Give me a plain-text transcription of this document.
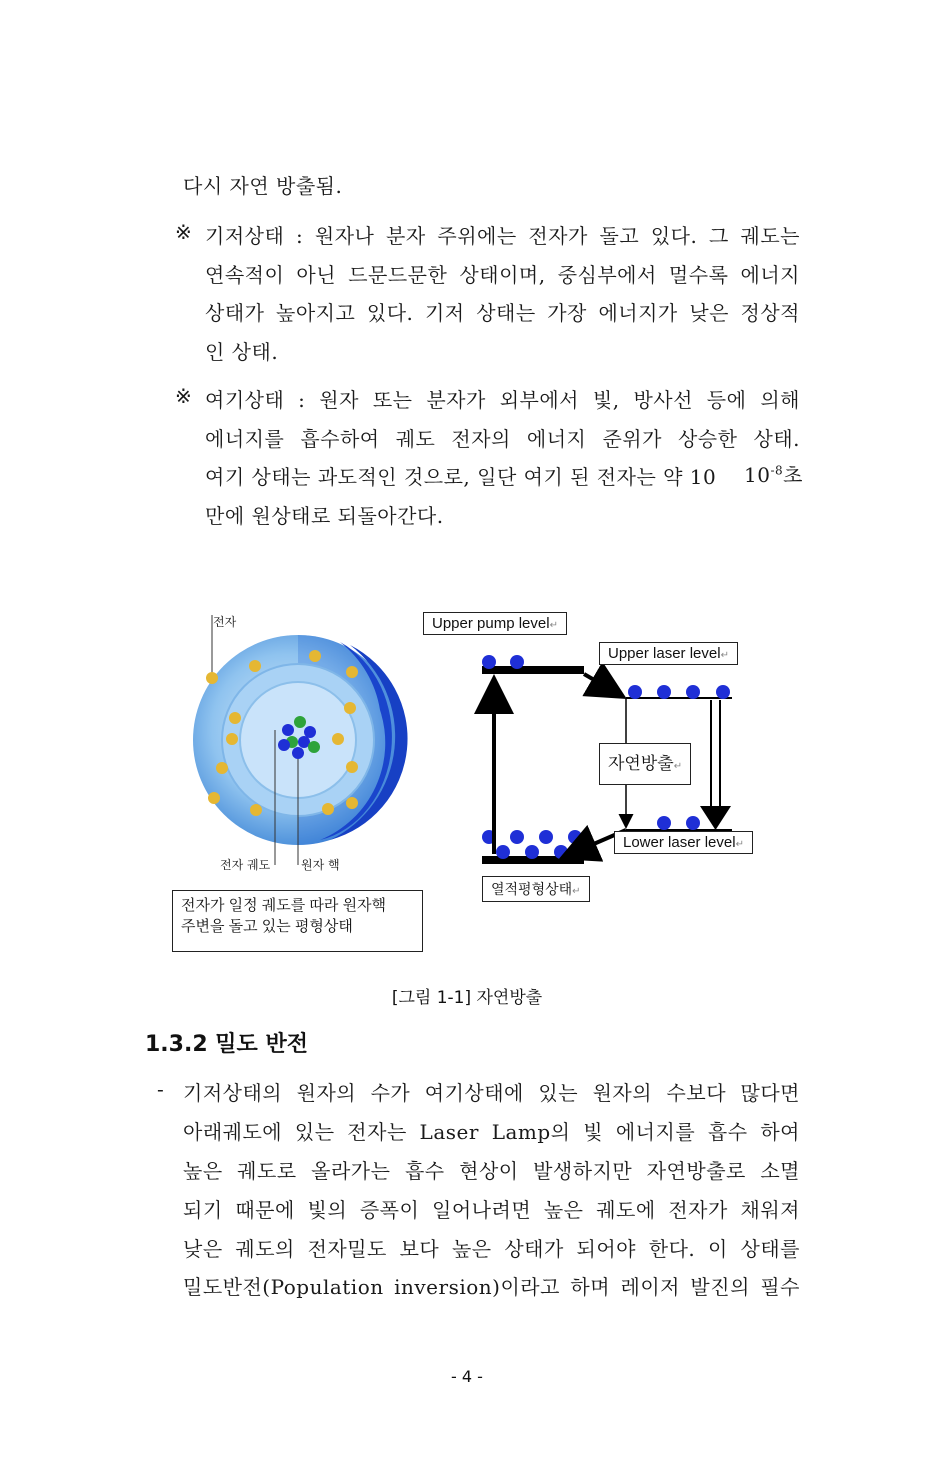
다시 자연 방출됨.
※ 기저상태 : 원자나 분자 주위에는 전자가 돌고 있다. 그 궤도는
연속적이 아닌 드문드문한 상태이며, 중심부에서 멀수록 에너지
상태가 높아지고 있다. 기저 상태는 가장 에너지가 낮은 정상적
인 상태.
※ 여기상태 : 원자 또는 분자가 외부에서 빛, 방사선 등에 의해
에너지를 흡수하여 궤도 전자의 에너지 준위가 상승한 상태.
여기 상태는 과도적인 것으로, 일단 여기 된 전자는 약 10 $10^{-8}$초
만에 원상태로 되돌아간다.
전자
전자 궤도	원자 핵
전자가 일정 궤도를 따라 원자핵
주변을 돌고 있는 평형상태
Upper pump level↵
Upper laser level↵
자연방출↵
Lower laser level↵
열적평형상태↵
[그림 1-1] 자연방출
1.3.2 밀도 반전
- 기저상태의 원자의 수가 여기상태에 있는 원자의 수보다 많다면
아래궤도에 있는 전자는 Laser Lamp의 빛 에너지를 흡수 하여
높은 궤도로 올라가는 흡수 현상이 발생하지만 자연방출로 소멸
되기 때문에 빛의 증폭이 일어나려면 높은 궤도에 전자가 채워져
낮은 궤도의 전자밀도 보다 높은 상태가 되어야 한다. 이 상태를
밀도반전(Population inversion)이라고 하며 레이저 발진의 필수
- 4 -
